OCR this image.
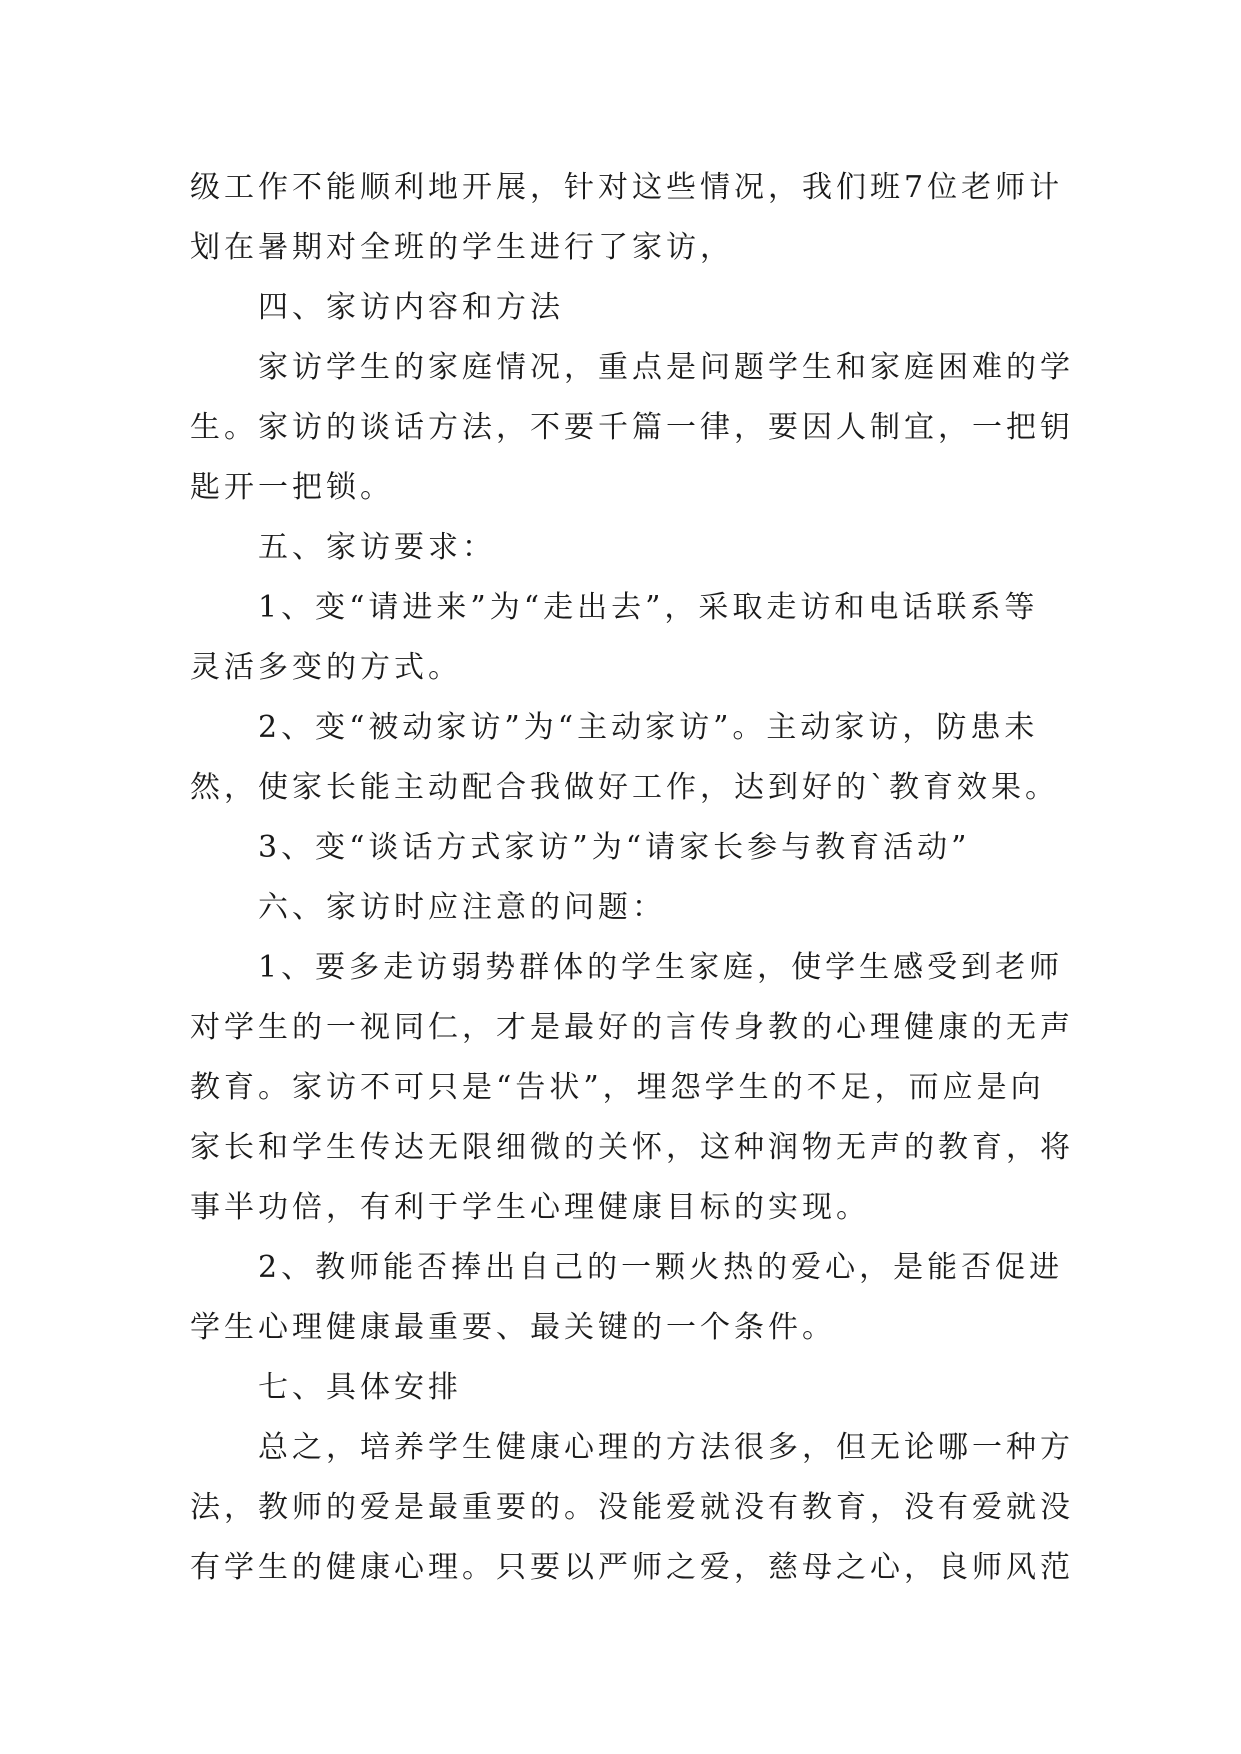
级工作不能顺利地开展，针对这些情况，我们班7位老师计
划在暑期对全班的学生进行了家访，
　　四、家访内容和方法
　　家访学生的家庭情况，重点是问题学生和家庭困难的学
生。家访的谈话方法，不要千篇一律，要因人制宜，一把钥
匙开一把锁。
　　五、家访要求：
　　1、变“请进来”为“走出去”，采取走访和电话联系等
灵活多变的方式。
　　2、变“被动家访”为“主动家访”。主动家访，防患未
然，使家长能主动配合我做好工作，达到好的`教育效果。
　　3、变“谈话方式家访”为“请家长参与教育活动”
　　六、家访时应注意的问题：
　　1、要多走访弱势群体的学生家庭，使学生感受到老师
对学生的一视同仁，才是最好的言传身教的心理健康的无声
教育。家访不可只是“告状”，埋怨学生的不足，而应是向
家长和学生传达无限细微的关怀，这种润物无声的教育，将
事半功倍，有利于学生心理健康目标的实现。
　　2、教师能否捧出自己的一颗火热的爱心，是能否促进
学生心理健康最重要、最关键的一个条件。
　　七、具体安排
　　总之，培养学生健康心理的方法很多，但无论哪一种方
法，教师的爱是最重要的。没能爱就没有教育，没有爱就没
有学生的健康心理。只要以严师之爱，慈母之心，良师风范
